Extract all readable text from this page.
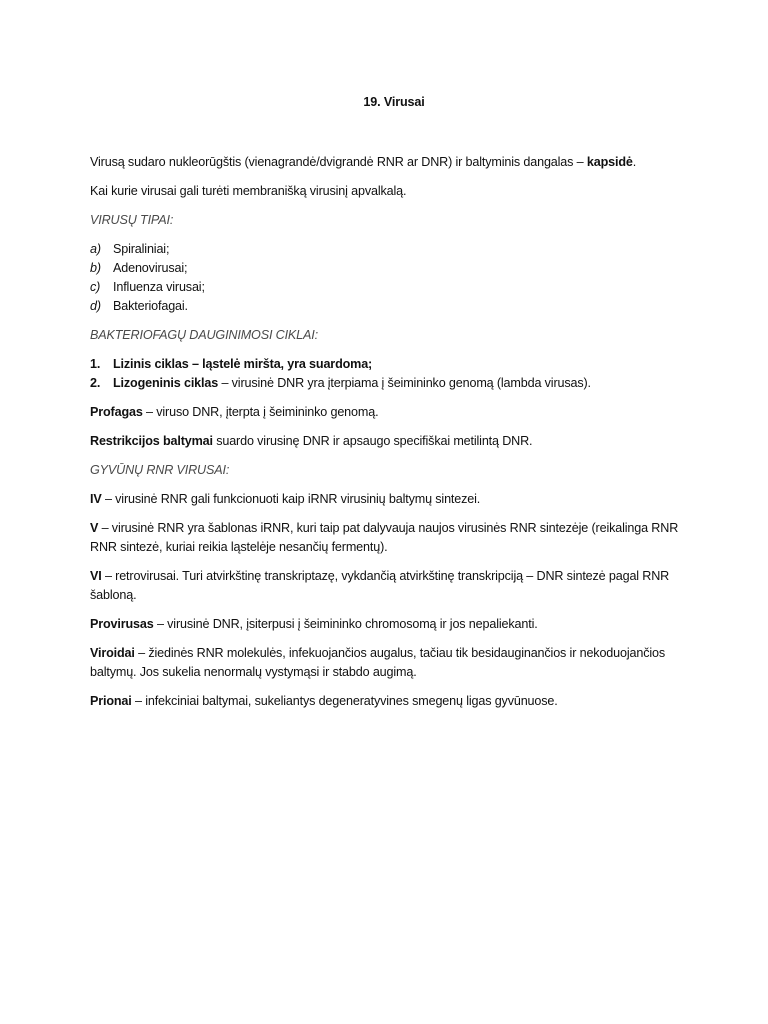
19. Virusai

Virusą sudaro nukleorūgštis (vienagrandė/dvigrandė RNR ar DNR) ir baltyminis dangalas – kapsidė.

Kai kurie virusai gali turėti membranišką virusinį apvalkalą.

VIRUSŲ TIPAI:

a) Spiraliniai;
b) Adenovirusai;
c)	Influenza virusai;
d) Bakteriofagai.

BAKTERIOFAGŲ DAUGINIMOSI CIKLAI:

1.	Lizinis ciklas – ląstelė miršta, yra suardoma;
2.	Lizogeninis ciklas – virusinė DNR yra įterpiama į šeimininko genomą (lambda virusas).

Profagas – viruso DNR, įterpta į šeimininko genomą.

Restrikcijos baltymai suardo virusinę DNR ir apsaugo specifiškai metilintą DNR.

GYVŪNŲ RNR VIRUSAI:

IV – virusinė RNR gali funkcionuoti kaip iRNR virusinių baltymų sintezei.

V – virusinė RNR yra šablonas iRNR, kuri taip pat dalyvauja naujos virusinės RNR sintezėje (reikalinga RNR RNR sintezė, kuriai reikia ląstelėje nesančių fermentų).

VI – retrovirusai. Turi atvirkštinę transkriptazę, vykdančią atvirkštinę transkripciją – DNR sintezė pagal RNR šabloną.

Provirusas – virusinė DNR, įsiterpusi į šeimininko chromosomą ir jos nepaliekanti.

Viroidai – žiedinės RNR molekulės, infekuojančios augalus, tačiau tik besidauginančios ir nekoduojančios baltymų. Jos sukelia nenormalų vystymąsi ir stabdo augimą.

Prionai – infekciniai baltymai, sukeliantys degeneratyvines smegenų ligas gyvūnuose.
